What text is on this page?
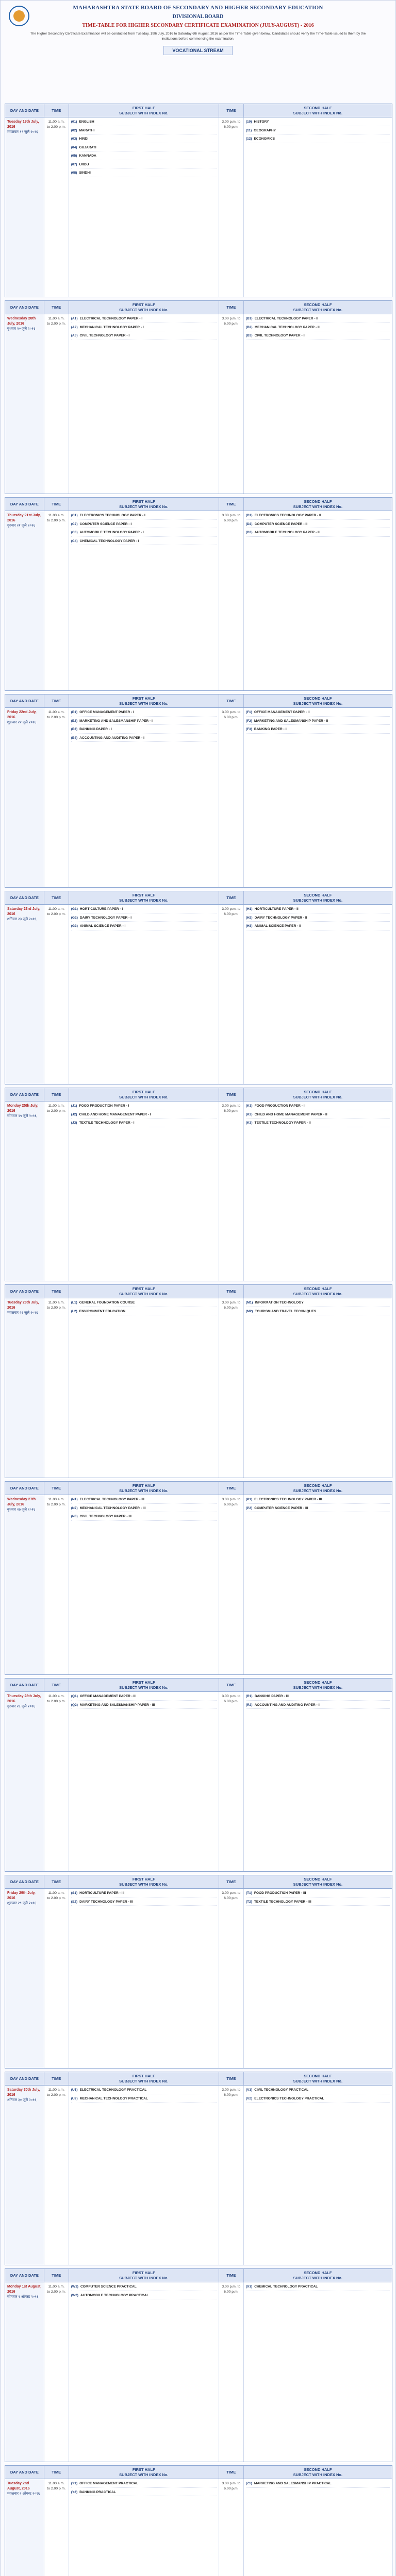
MAHARASHTRA STATE BOARD OF SECONDARY AND HIGHER SECONDARY EDUCATION
DIVISIONAL BOARD
TIME-TABLE FOR HIGHER SECONDARY CERTIFICATE EXAMINATION (JULY-AUGUST) - 2016
The Higher Secondary Certificate Examination will be conducted from Tuesday, 19th July, 2016 to Saturday 6th August, 2016 as per the Time Table given below. Candidates should verify the Time-Table issued to them by the institutions before commencing the examination.
VOCATIONAL STREAM
DAY AND DATE	TIME
FIRST HALF
SUBJECT WITH INDEX No.
TIME
SECOND HALF
SUBJECT WITH INDEX No.
Tuesday 19th July, 2016
मंगळवार १९ जुलै २०१६
11.00 a.m. to 2.00 p.m.
(01) ENGLISH
(02) MARATHI
(03) HINDI
(04) GUJARATI
(05) KANNADA
(07) URDU
(08) SINDHI
3.00 p.m. to 6.00 p.m.
(10) HISTORY
(11) GEOGRAPHY
(12) ECONOMICS
DAY AND DATE	TIME
FIRST HALF
SUBJECT WITH INDEX No.
TIME
SECOND HALF
SUBJECT WITH INDEX No.
Wednesday 20th July, 2016
बुधवार २० जुलै २०१६
11.00 a.m. to 2.00 p.m.
(A1) ELECTRICAL TECHNOLOGY PAPER - I
(A2) MECHANICAL TECHNOLOGY PAPER - I
(A3) CIVIL TECHNOLOGY PAPER - I
3.00 p.m. to 6.00 p.m.
(B1) ELECTRICAL TECHNOLOGY PAPER - II
(B2) MECHANICAL TECHNOLOGY PAPER - II
(B3) CIVIL TECHNOLOGY PAPER - II
DAY AND DATE	TIME
FIRST HALF
SUBJECT WITH INDEX No.
TIME
SECOND HALF
SUBJECT WITH INDEX No.
Thursday 21st July, 2016
गुरुवार २१ जुलै २०१६
11.00 a.m. to 2.00 p.m.
(C1) ELECTRONICS TECHNOLOGY PAPER - I
(C2) COMPUTER SCIENCE PAPER - I
(C3) AUTOMOBILE TECHNOLOGY PAPER - I
(C4) CHEMICAL TECHNOLOGY PAPER - I
3.00 p.m. to 6.00 p.m.
(D1) ELECTRONICS TECHNOLOGY PAPER - II
(D2) COMPUTER SCIENCE PAPER - II
(D3) AUTOMOBILE TECHNOLOGY PAPER - II
DAY AND DATE	TIME
FIRST HALF
SUBJECT WITH INDEX No.
TIME
SECOND HALF
SUBJECT WITH INDEX No.
Friday 22nd July, 2016
शुक्रवार २२ जुलै २०१६
11.00 a.m. to 2.00 p.m.
(E1) OFFICE MANAGEMENT PAPER - I
(E2) MARKETING AND SALESMANSHIP PAPER - I
(E3) BANKING PAPER - I
(E4) ACCOUNTING AND AUDITING PAPER - I
3.00 p.m. to 6.00 p.m.
(F1) OFFICE MANAGEMENT PAPER - II
(F2) MARKETING AND SALESMANSHIP PAPER - II
(F3) BANKING PAPER - II
DAY AND DATE	TIME
FIRST HALF
SUBJECT WITH INDEX No.
TIME
SECOND HALF
SUBJECT WITH INDEX No.
Saturday 23rd July, 2016
शनिवार २३ जुलै २०१६
11.00 a.m. to 2.00 p.m.
(G1) HORTICULTURE PAPER - I
(G2) DAIRY TECHNOLOGY PAPER - I
(G3) ANIMAL SCIENCE PAPER - I
3.00 p.m. to 6.00 p.m.
(H1) HORTICULTURE PAPER - II
(H2) DAIRY TECHNOLOGY PAPER - II
(H3) ANIMAL SCIENCE PAPER - II
DAY AND DATE	TIME
FIRST HALF
SUBJECT WITH INDEX No.
TIME
SECOND HALF
SUBJECT WITH INDEX No.
Monday 25th July, 2016
सोमवार २५ जुलै २०१६
11.00 a.m. to 2.00 p.m.
(J1) FOOD PRODUCTION PAPER - I
(J2) CHILD AND HOME MANAGEMENT PAPER - I
(J3) TEXTILE TECHNOLOGY PAPER - I
3.00 p.m. to 6.00 p.m.
(K1) FOOD PRODUCTION PAPER - II
(K2) CHILD AND HOME MANAGEMENT PAPER - II
(K3) TEXTILE TECHNOLOGY PAPER - II
DAY AND DATE	TIME
FIRST HALF
SUBJECT WITH INDEX No.
TIME
SECOND HALF
SUBJECT WITH INDEX No.
Tuesday 26th July, 2016
मंगळवार २६ जुलै २०१६
11.00 a.m. to 2.00 p.m.
(L1) GENERAL FOUNDATION COURSE
(L2) ENVIRONMENT EDUCATION
3.00 p.m. to 6.00 p.m.
(M1) INFORMATION TECHNOLOGY
(M2) TOURISM AND TRAVEL TECHNIQUES
DAY AND DATE	TIME
FIRST HALF
SUBJECT WITH INDEX No.
TIME
SECOND HALF
SUBJECT WITH INDEX No.
Wednesday 27th July, 2016
बुधवार २७ जुलै २०१६
11.00 a.m. to 2.00 p.m.
(N1) ELECTRICAL TECHNOLOGY PAPER - III
(N2) MECHANICAL TECHNOLOGY PAPER - III
(N3) CIVIL TECHNOLOGY PAPER - III
3.00 p.m. to 6.00 p.m.
(P1) ELECTRONICS TECHNOLOGY PAPER - III
(P2) COMPUTER SCIENCE PAPER - III
DAY AND DATE	TIME
FIRST HALF
SUBJECT WITH INDEX No.
TIME
SECOND HALF
SUBJECT WITH INDEX No.
Thursday 28th July, 2016
गुरुवार २८ जुलै २०१६
11.00 a.m. to 2.00 p.m.
(Q1) OFFICE MANAGEMENT PAPER - III
(Q2) MARKETING AND SALESMANSHIP PAPER - III
3.00 p.m. to 6.00 p.m.
(R1) BANKING PAPER - III
(R2) ACCOUNTING AND AUDITING PAPER - II
DAY AND DATE	TIME
FIRST HALF
SUBJECT WITH INDEX No.
TIME
SECOND HALF
SUBJECT WITH INDEX No.
Friday 29th July, 2016
शुक्रवार २९ जुलै २०१६
11.00 a.m. to 2.00 p.m.
(S1) HORTICULTURE PAPER - III
(S2) DAIRY TECHNOLOGY PAPER - III
3.00 p.m. to 6.00 p.m.
(T1) FOOD PRODUCTION PAPER - III
(T2) TEXTILE TECHNOLOGY PAPER - III
DAY AND DATE	TIME
FIRST HALF
SUBJECT WITH INDEX No.
TIME
SECOND HALF
SUBJECT WITH INDEX No.
Saturday 30th July, 2016
शनिवार ३० जुलै २०१६
11.00 a.m. to 2.00 p.m.
(U1) ELECTRICAL TECHNOLOGY PRACTICAL
(U2) MECHANICAL TECHNOLOGY PRACTICAL
3.00 p.m. to 6.00 p.m.
(V1) CIVIL TECHNOLOGY PRACTICAL
(V2) ELECTRONICS TECHNOLOGY PRACTICAL
DAY AND DATE	TIME
FIRST HALF
SUBJECT WITH INDEX No.
TIME
SECOND HALF
SUBJECT WITH INDEX No.
Monday 1st August, 2016
सोमवार १ ऑगस्ट २०१६
11.00 a.m. to 2.00 p.m.
(W1) COMPUTER SCIENCE PRACTICAL
(W2) AUTOMOBILE TECHNOLOGY PRACTICAL
3.00 p.m. to 6.00 p.m.
(X1) CHEMICAL TECHNOLOGY PRACTICAL
DAY AND DATE	TIME
FIRST HALF
SUBJECT WITH INDEX No.
TIME
SECOND HALF
SUBJECT WITH INDEX No.
Tuesday 2nd August, 2016
मंगळवार २ ऑगस्ट २०१६
11.00 a.m. to 2.00 p.m.
(Y1) OFFICE MANAGEMENT PRACTICAL
(Y2) BANKING PRACTICAL
3.00 p.m. to 6.00 p.m.
(Z1) MARKETING AND SALESMANSHIP PRACTICAL
